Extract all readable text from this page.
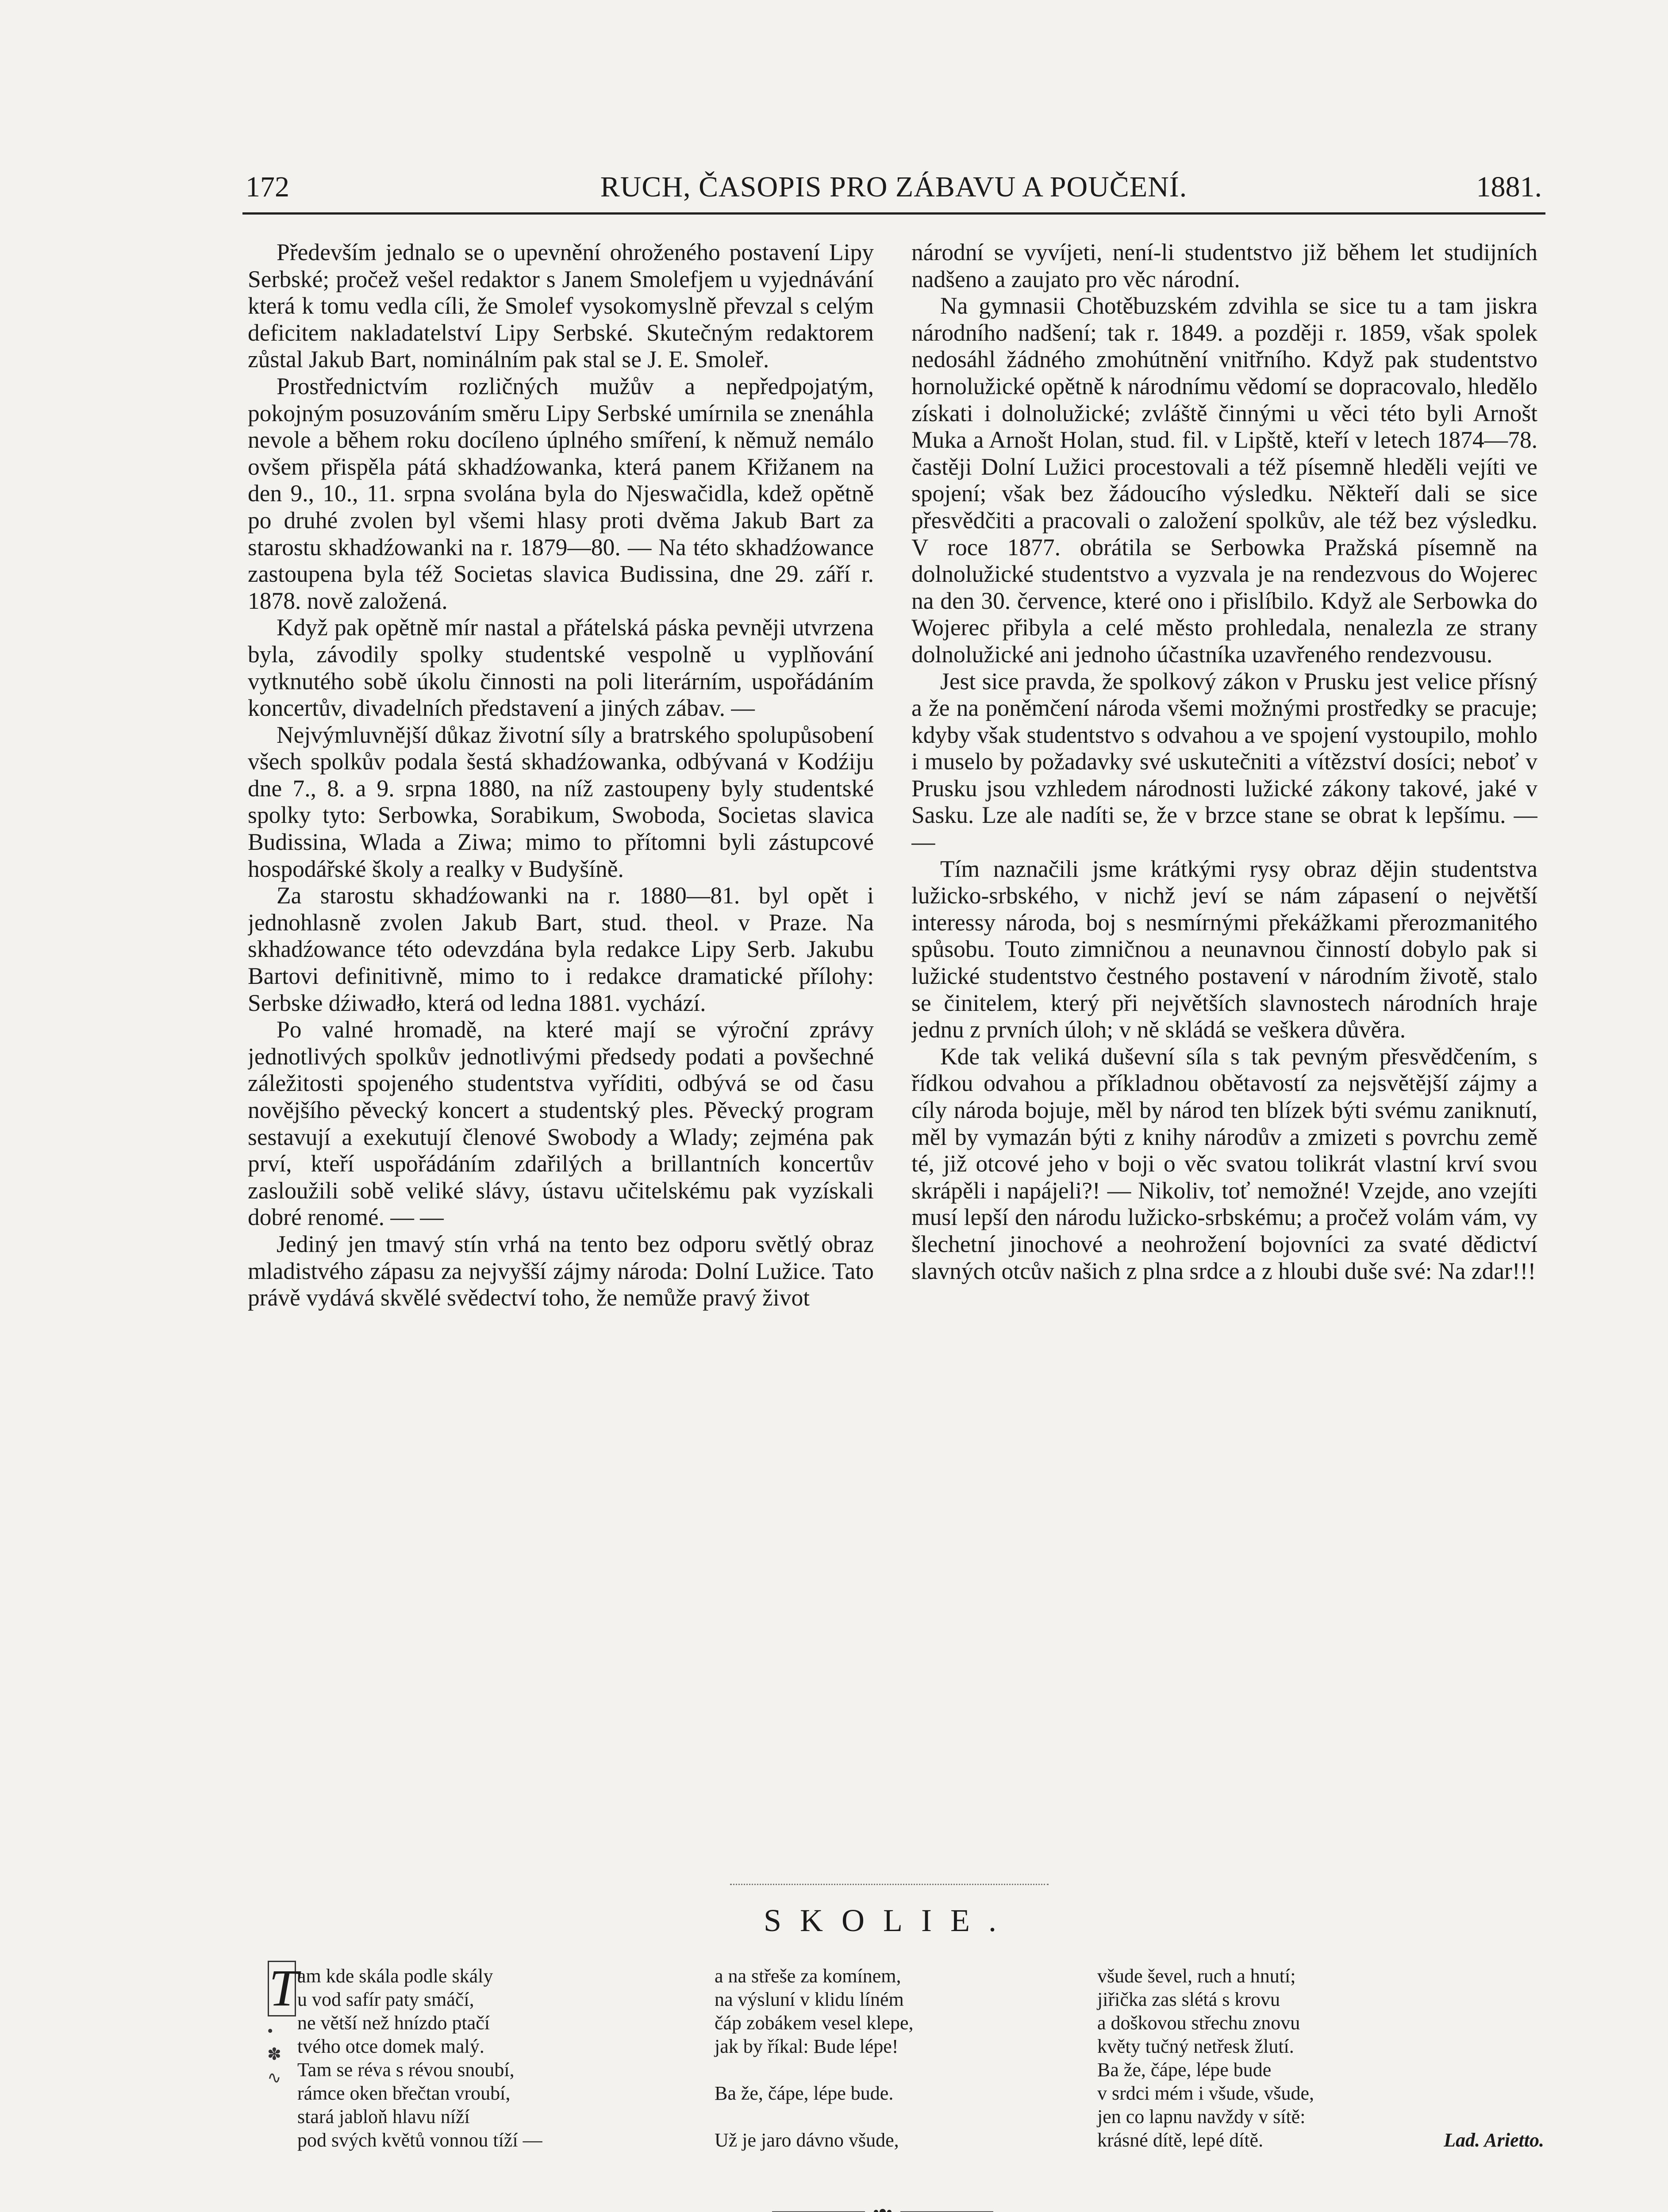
172	RUCH, ČASOPIS PRO ZÁBAVU A POUČENÍ.	1881.

Především jednalo se o upevnění ohroženého postavení Lipy Serbské; pročež vešel redaktor s Janem Smolefjem u vyjednávání která k tomu vedla cíli, že Smolef vysokomyslně převzal s celým deficitem nakladatelství Lipy Serbské. Skutečným redaktorem zůstal Jakub Bart, nominálním pak stal se J. E. Smoleř.

Prostřednictvím rozličných mužův a nepředpojatým, pokojným posuzováním směru Lipy Serbské umírnila se znenáhla nevole a během roku docíleno úplného smíření, k němuž nemálo ovšem přispěla pátá skhadźowanka, která panem Křižanem na den 9., 10., 11. srpna svolána byla do Njeswačidla, kdež opětně po druhé zvolen byl všemi hlasy proti dvěma Jakub Bart za starostu skhadźowanki na r. 1879—80. — Na této skhadźowance zastoupena byla též Societas slavica Budissina, dne 29. září r. 1878. nově založená.

Když pak opětně mír nastal a přátelská páska pevněji utvrzena byla, závodily spolky studentské vespolně u vyplňování vytknutého sobě úkolu činnosti na poli literárním, uspořádáním koncertův, divadelních představení a jiných zábav. —

Nejvýmluvnější důkaz životní síly a bratrského spolupůsobení všech spolkův podala šestá skhadźowanka, odbývaná v Kodźiju dne 7., 8. a 9. srpna 1880, na níž zastoupeny byly studentské spolky tyto: Serbowka, Sorabikum, Swoboda, Societas slavica Budissina, Wlada a Ziwa; mimo to přítomni byli zástupcové hospodářské školy a realky v Budyšíně.

Za starostu skhadźowanki na r. 1880—81. byl opět i jednohlasně zvolen Jakub Bart, stud. theol. v Praze. Na skhadźowance této odevzdána byla redakce Lipy Serb. Jakubu Bartovi definitivně, mimo to i redakce dramatické přílohy: Serbske dźiwadło, která od ledna 1881. vychází.

Po valné hromadě, na které mají se výroční zprávy jednotlivých spolkův jednotlivými předsedy podati a povšechné záležitosti spojeného studentstva vyříditi, odbývá se od času novějšího pěvecký koncert a studentský ples. Pěvecký program sestavují a exekutují členové Swobody a Wlady; zejména pak prví, kteří uspořádáním zdařilých a brillantních koncertův zasloužili sobě veliké slávy, ústavu učitelskému pak vyzískali dobré renomé. — —

Jediný jen tmavý stín vrhá na tento bez odporu světlý obraz mladistvého zápasu za nejvyšší zájmy národa: Dolní Lužice. Tato právě vydává skvělé svědectví toho, že nemůže pravý život

národní se vyvíjeti, není-li studentstvo již během let studijních nadšeno a zaujato pro věc národní.

Na gymnasii Chotěbuzském zdvihla se sice tu a tam jiskra národního nadšení; tak r. 1849. a později r. 1859, však spolek nedosáhl žádného zmohútnění vnitřního. Když pak studentstvo hornolužické opětně k národnímu vědomí se dopracovalo, hledělo získati i dolnolužické; zvláště činnými u věci této byli Arnošt Muka a Arnošt Holan, stud. fil. v Lipště, kteří v letech 1874—78. častěji Dolní Lužici procestovali a též písemně hleděli vejíti ve spojení; však bez žádoucího výsledku. Někteří dali se sice přesvědčiti a pracovali o založení spolkův, ale též bez výsledku. V roce 1877. obrátila se Serbowka Pražská písemně na dolnolužické studentstvo a vyzvala je na rendezvous do Wojerec na den 30. července, které ono i přislíbilo. Když ale Serbowka do Wojerec přibyla a celé město prohledala, nenalezla ze strany dolnolužické ani jednoho účastníka uzavřeného rendezvousu.

Jest sice pravda, že spolkový zákon v Prusku jest velice přísný a že na poněmčení národa všemi možnými prostředky se pracuje; kdyby však studentstvo s odvahou a ve spojení vystoupilo, mohlo i muselo by požadavky své uskutečniti a vítězství dosíci; neboť v Prusku jsou vzhledem národnosti lužické zákony takové, jaké v Sasku. Lze ale nadíti se, že v brzce stane se obrat k lepšímu. — —

Tím naznačili jsme krátkými rysy obraz dějin studentstva lužicko-srbského, v nichž jeví se nám zápasení o největší interessy národa, boj s nesmírnými překážkami přerozmanitého spůsobu. Touto zimničnou a neunavnou činností dobylo pak si lužické studentstvo čestného postavení v národním životě, stalo se činitelem, který při největších slavnostech národních hraje jednu z prvních úloh; v ně skládá se veškera důvěra.

Kde tak veliká duševní síla s tak pevným přesvědčením, s řídkou odvahou a příkladnou obětavostí za nejsvětější zájmy a cíly národa bojuje, měl by národ ten blízek býti svému zaniknutí, měl by vymazán býti z knihy národův a zmizeti s povrchu země té, již otcové jeho v boji o věc svatou tolikrát vlastní krví svou skrápěli i napájeli?! — Nikoliv, toť nemožné! Vzejde, ano vzejíti musí lepší den národu lužicko-srbskému; a pročež volám vám, vy šlechetní jinochové a neohrožení bojovníci za svaté dědictví slavných otcův našich z plna srdce a z hloubi duše své: Na zdar!!!

SKOLIE.
T
•
✽
∿
am kde skála podle skály
u vod safír paty smáčí,
ne větší než hnízdo ptačí
tvého otce domek malý.
Tam se réva s révou snoubí,
rámce oken břečtan vroubí,
stará jabloň hlavu níží
pod svých květů vonnou tíží —
a na střeše za komínem,
na výsluní v klidu líném
čáp zobákem vesel klepe,
jak by říkal: Bude lépe!
Ba že, čápe, lépe bude.
Už je jaro dávno všude,
všude ševel, ruch a hnutí;
jiřička zas slétá s krovu
a doškovou střechu znovu
květy tučný netřesk žlutí.
Ba že, čápe, lépe bude
v srdci mém i všude, všude,
jen co lapnu navždy v sítě:
krásné dítě, lepé dítě.	Lad. Arietto.
